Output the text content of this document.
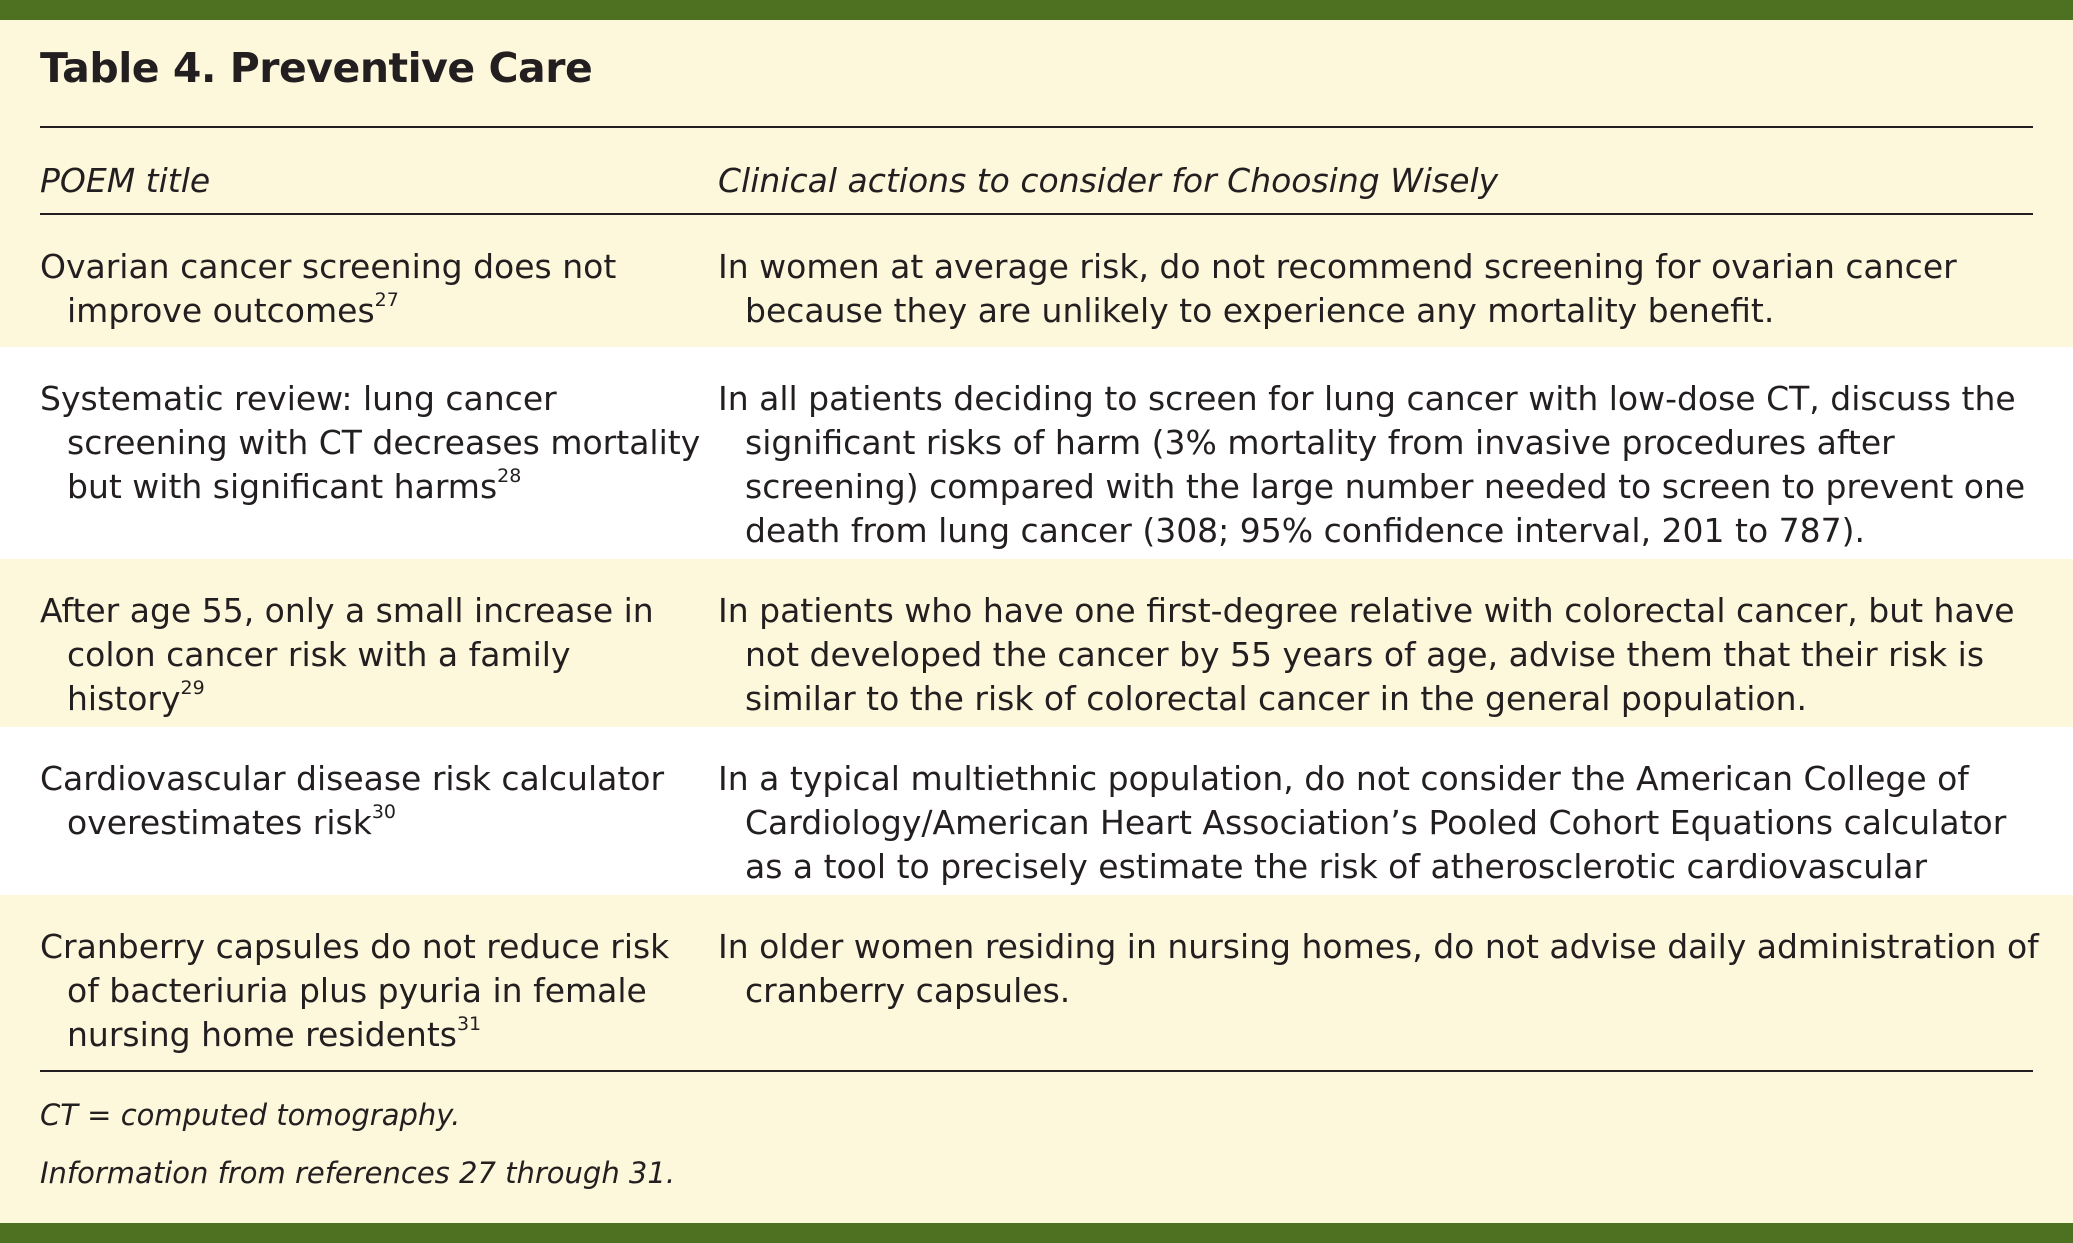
Table 4. Preventive Care
POEM title	Clinical actions to consider for Choosing Wisely
Ovarian cancer screening does not improve outcomes$^{27}$
In women at average risk, do not recommend screening for ovarian cancer because they are unlikely to experience any mortality benefit.
Systematic review: lung cancer screening with CT decreases mortality but with significant harms$^{28}$
In all patients deciding to screen for lung cancer with low-dose CT, discuss the significant risks of harm (3% mortality from invasive procedures after screening) compared with the large number needed to screen to prevent one death from lung cancer (308; 95% confidence interval, 201 to 787).
After age 55, only a small increase in colon cancer risk with a family history$^{29}$
In patients who have one first-degree relative with colorectal cancer, but have not developed the cancer by 55 years of age, advise them that their risk is similar to the risk of colorectal cancer in the general population.
Cardiovascular disease risk calculator overestimates risk$^{30}$
In a typical multiethnic population, do not consider the American College of Cardiology/American Heart Association’s Pooled Cohort Equations calculator as a tool to precisely estimate the risk of atherosclerotic cardiovascular
Cranberry capsules do not reduce risk of bacteriuria plus pyuria in female nursing home residents$^{31}$
In older women residing in nursing homes, do not advise daily administration of cranberry capsules.
CT = computed tomography.
Information from references 27 through 31.
